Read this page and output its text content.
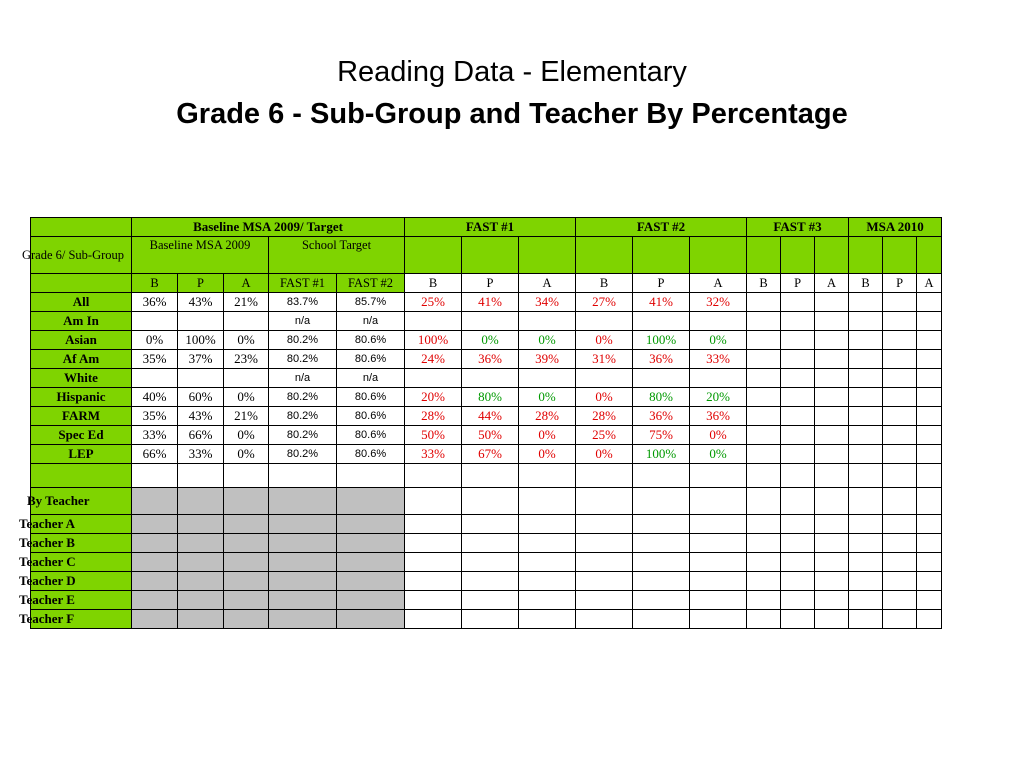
Reading Data - Elementary
Grade 6 - Sub-Group and Teacher By Percentage
	Baseline MSA 2009/ Target					FAST #1			FAST #2			FAST #3			MSA 2010		

Grade 6/ Sub-Group	Baseline MSA 2009			School Target													
	B	P	A	FAST #1	FAST #2	B	P	A	B	P	A	B	P	A	B	P	A
All	36%	43%	21%	83.7%	85.7%	25%	41%	34%	27%	41%	32%						
Am In				n/a	n/a												
Asian	0%	100%	0%	80.2%	80.6%	100%	0%	0%	0%	100%	0%						
Af Am	35%	37%	23%	80.2%	80.6%	24%	36%	39%	31%	36%	33%						
White				n/a	n/a												
Hispanic	40%	60%	0%	80.2%	80.6%	20%	80%	0%	0%	80%	20%						
FARM	35%	43%	21%	80.2%	80.6%	28%	44%	28%	28%	36%	36%						
Spec Ed	33%	66%	0%	80.2%	80.6%	50%	50%	0%	25%	75%	0%						
LEP	66%	33%	0%	80.2%	80.6%	33%	67%	0%	0%	100%	0%						

By Teacher																	
Teacher A																	
Teacher B																	
Teacher C																	
Teacher D																	
Teacher E																	
Teacher F																	
